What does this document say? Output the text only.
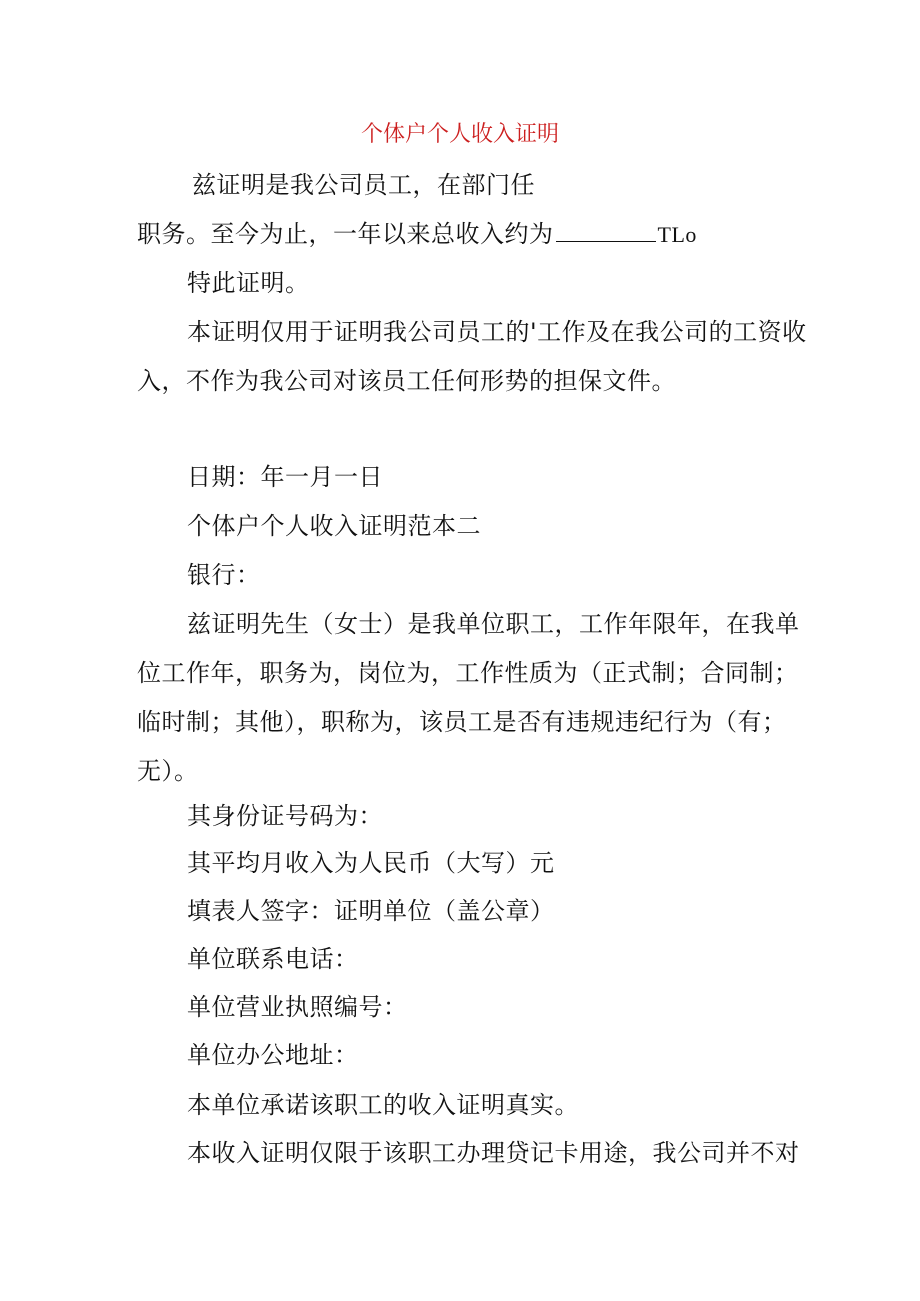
个体户个人收入证明
兹证明是我公司员工，在部门任
职务。至今为止，一年以来总收入约为	TLo
特此证明。
本证明仅用于证明我公司员工的'工作及在我公司的工资收
入，不作为我公司对该员工任何形势的担保文件。
日期：年一月一日
个体户个人收入证明范本二
银行：
兹证明先生（女士）是我单位职工，工作年限年，在我单
位工作年，职务为，岗位为，工作性质为（正式制；合同制；
临时制；其他），职称为，该员工是否有违规违纪行为（有；
无）。
其身份证号码为：
其平均月收入为人民币（大写）元
填表人签字：证明单位（盖公章）
单位联系电话：
单位营业执照编号：
单位办公地址：
本单位承诺该职工的收入证明真实。
本收入证明仅限于该职工办理贷记卡用途，我公司并不对
